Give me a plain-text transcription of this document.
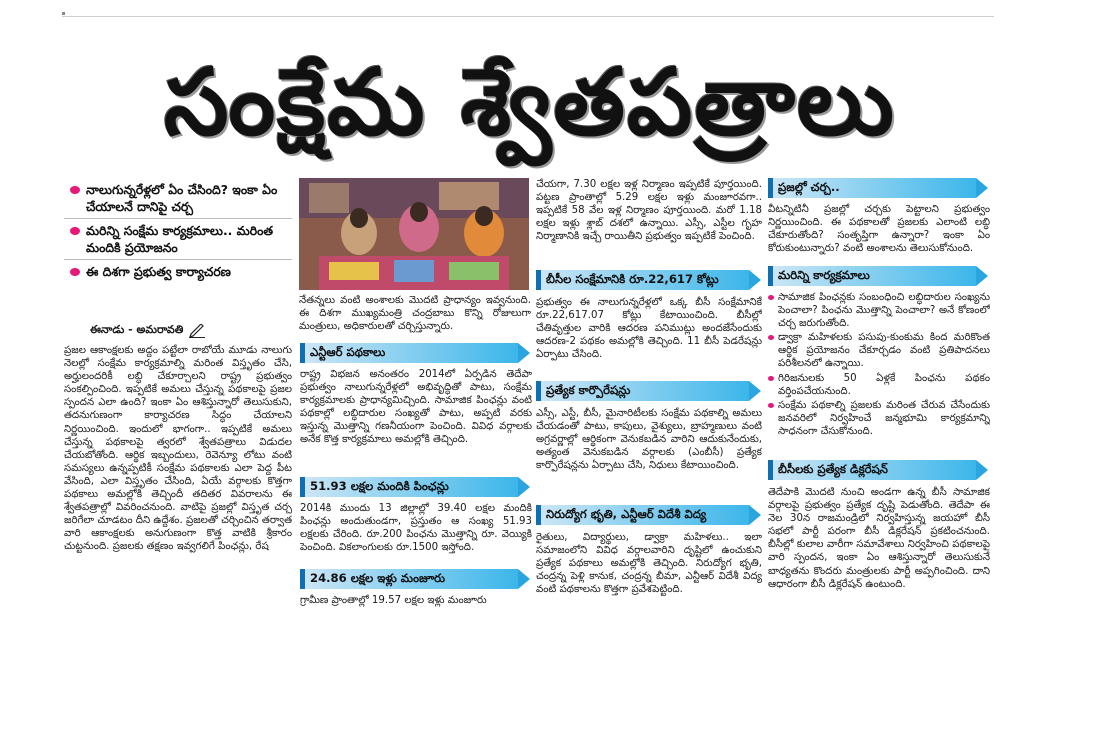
సంక్షేమ శ్వేతపత్రాలు
నాలుగున్నరేళ్లలో ఏం చేసింది? ఇంకా ఏం చేయాలనే దానిపై చర్చ
మరిన్ని సంక్షేమ కార్యక్రమాలు.. మరింత మందికి ప్రయోజనం
ఈ దిశగా ప్రభుత్వ కార్యాచరణ
ఈనాడు - అమరావతి
ప్రజల ఆకాంక్షలకు అద్దం పట్టేలా రాబోయే మూడు నాలుగు నెలల్లో సంక్షేమ కార్యక్రమాల్ని మరింత విస్తృతం చేసి, అర్హులందరికీ లబ్ధి చేకూర్చాలని రాష్ట్ర ప్రభుత్వం సంకల్పించింది. ఇప్పటికే అమలు చేస్తున్న పథకాలపై ప్రజల స్పందన ఎలా ఉంది? ఇంకా ఏం ఆశిస్తున్నారో తెలుసుకుని, తదనుగుణంగా కార్యాచరణ సిద్ధం చేయాలని నిర్ణయించింది. ఇందులో భాగంగా.. ఇప్పటికే అమలు చేస్తున్న పథకాలపై త్వరలో శ్వేతపత్రాలు విడుదల చేయబోతోంది. ఆర్థిక ఇబ్బందులు, రెవెన్యూ లోటు వంటి సమస్యలు ఉన్నప్పటికీ సంక్షేమ పథకాలకు ఎలా పెద్ద పీట వేసింది, ఎలా విస్తృతం చేసింది, ఏయే వర్గాలకు కొత్తగా పథకాలు అమల్లోకి తెచ్చిందీ తదితర వివరాలను ఈ శ్వేతపత్రాల్లో వివరించనుంది. వాటిపై ప్రజల్లో విస్తృత చర్చ జరిగేలా చూడటం దీని ఉద్దేశం. ప్రజలతో చర్చించిన తర్వాత వారి ఆకాంక్షలకు అనుగుణంగా కొత్త వాటికి శ్రీకారం చుట్టనుంది. ప్రజలకు తక్షణం ఇవ్వగలిగే పింఛన్లు, రేష
నేతన్నలు వంటి అంశాలకు మొదటి ప్రాధాన్యం ఇవ్వనుంది. ఈ దిశగా ముఖ్యమంత్రి చంద్రబాబు కొన్ని రోజులుగా మంత్రులు, అధికారులతో చర్చిస్తున్నారు.
ఎన్టీఆర్ పథకాలు
రాష్ట్ర విభజన అనంతరం 2014లో ఏర్పడిన తెదేపా ప్రభుత్వం నాలుగున్నరేళ్లలో అభివృద్ధితో పాటు, సంక్షేమ కార్యక్రమాలకు ప్రాధాన్యమిచ్చింది. సామాజిక పింఛన్లు వంటి పథకాల్లో లబ్ధిదారుల సంఖ్యతో పాటు, అప్పటి వరకు ఇస్తున్న మొత్తాన్ని గణనీయంగా పెంచింది. వివిధ వర్గాలకు అనేక కొత్త కార్యక్రమాలు అమల్లోకి తెచ్చింది.
51.93 లక్షల మందికి పింఛన్లు
2014కి ముందు 13 జిల్లాల్లో 39.40 లక్షల మందికి పింఛన్లు అందుతుండగా, ప్రస్తుతం ఆ సంఖ్య 51.93 లక్షలకు చేరింది. రూ.200 పింఛను మొత్తాన్ని రూ. వెయ్యికి పెంచింది. వికలాంగులకు రూ.1500 ఇస్తోంది.
24.86 లక్షల ఇళ్లు మంజూరు
గ్రామీణ ప్రాంతాల్లో 19.57 లక్షల ఇళ్లు మంజూరు
చేయగా, 7.30 లక్షల ఇళ్ల నిర్మాణం ఇప్పటికే పూర్తయింది. పట్టణ ప్రాంతాల్లో 5.29 లక్షల ఇళ్లు మంజూరవగా.. ఇప్పటికే 58 వేల ఇళ్ల నిర్మాణం పూర్తయింది. మరో 1.18 లక్షల ఇళ్లు శ్లాబ్ దశలో ఉన్నాయి. ఎస్సీ, ఎస్టీల గృహ నిర్మాణానికి ఇచ్చే రాయితీని ప్రభుత్వం ఇప్పటికే పెంచింది.
బీసీల సంక్షేమానికి రూ.22,617 కోట్లు
ప్రభుత్వం ఈ నాలుగున్నరేళ్లలో ఒక్క బీసీ సంక్షేమానికే రూ.22,617.07 కోట్లు కేటాయించింది. బీసీల్లో చేతివృత్తుల వారికి ఆదరణ పనిముట్లు అందజేసేందుకు ఆదరణ-2 పథకం అమల్లోకి తెచ్చింది. 11 బీసీ పెడరేషన్లు ఏర్పాటు చేసింది.
ప్రత్యేక కార్పొరేషన్లు
ఎస్సీ, ఎస్టీ, బీసీ, మైనారిటీలకు సంక్షేమ పథకాల్ని అమలు చేయడంతో పాటు, కాపులు, వైశ్యులు, బ్రాహ్మణులు వంటి అగ్రవర్ణాల్లో ఆర్థికంగా వెనుకబడిన వారిని ఆదుకునేందుకు, అత్యంత వెనుకబడిన వర్గాలకు (ఎంబీసీ) ప్రత్యేక కార్పొరేషన్లను ఏర్పాటు చేసి, నిధులు కేటాయించింది.
నిరుద్యోగ భృతి, ఎన్టీఆర్ విదేశీ విద్య
రైతులు, విద్యార్థులు, డ్వాక్రా మహిళలు.. ఇలా సమాజంలోని వివిధ వర్గాలవారిని దృష్టిలో ఉంచుకుని ప్రత్యేక పథకాలు అమల్లోకి తెచ్చింది. నిరుద్యోగ భృతి, చంద్రన్న పెళ్లి కానుక, చంద్రన్న బీమా, ఎన్టీఆర్ విదేశీ విద్య వంటి పథకాలను కొత్తగా ప్రవేశపెట్టింది.
ప్రజల్లో చర్చ..
వీటన్నిటినీ ప్రజల్లో చర్చకు పెట్టాలని ప్రభుత్వం నిర్ణయించింది. ఈ పథకాలతో ప్రజలకు ఎలాంటి లబ్ధి చేకూరుతోంది? సంతృప్తిగా ఉన్నారా? ఇంకా ఏం కోరుకుంటున్నారు? వంటి అంశాలను తెలుసుకోనుంది.
మరిన్ని కార్యక్రమాలు
సామాజిక పింఛన్లకు సంబంధించి లబ్ధిదారుల సంఖ్యను పెంచాలా? పింఛను మొత్తాన్ని పెంచాలా? అనే కోణంలో చర్చ జరుగుతోంది.
డ్వాక్రా మహిళలకు పసుపు-కుంకుమ కింద మరికొంత ఆర్థిక ప్రయోజనం చేకూర్చడం వంటి ప్రతిపాదనలు పరిశీలనలో ఉన్నాయి.
గిరిజనులకు 50 ఏళ్లకే పింఛను పథకం వర్తింపచేయనుంది.
సంక్షేమ పథకాల్ని ప్రజలకు మరింత చేరువ చేసేందుకు జనవరిలో నిర్వహించే జన్మభూమి కార్యక్రమాన్ని సాధనంగా చేసుకోనుంది.
బీసీలకు ప్రత్యేక డిక్లరేషన్
తెదేపాకి మొదటి నుంచి అండగా ఉన్న బీసీ సామాజిక వర్గాలపై ప్రభుత్వం ప్రత్యేక దృష్టి పెడుతోంది. తెదేపా ఈ నెల 30న రాజమండ్రిలో నిర్వహిస్తున్న జయహో బీసీ సభలో పార్టీ పరంగా బీసీ డిక్లరేషన్ ప్రకటించనుంది. బీసీల్లో కులాల వారీగా సమావేశాలు నిర్వహించి పథకాలపై వారి స్పందన, ఇంకా ఏం ఆశిస్తున్నారో తెలుసుకునే బాధ్యతను కొందరు మంత్రులకు పార్టీ అప్పగించింది. దాని ఆధారంగా బీసీ డిక్లరేషన్ ఉంటుంది.
